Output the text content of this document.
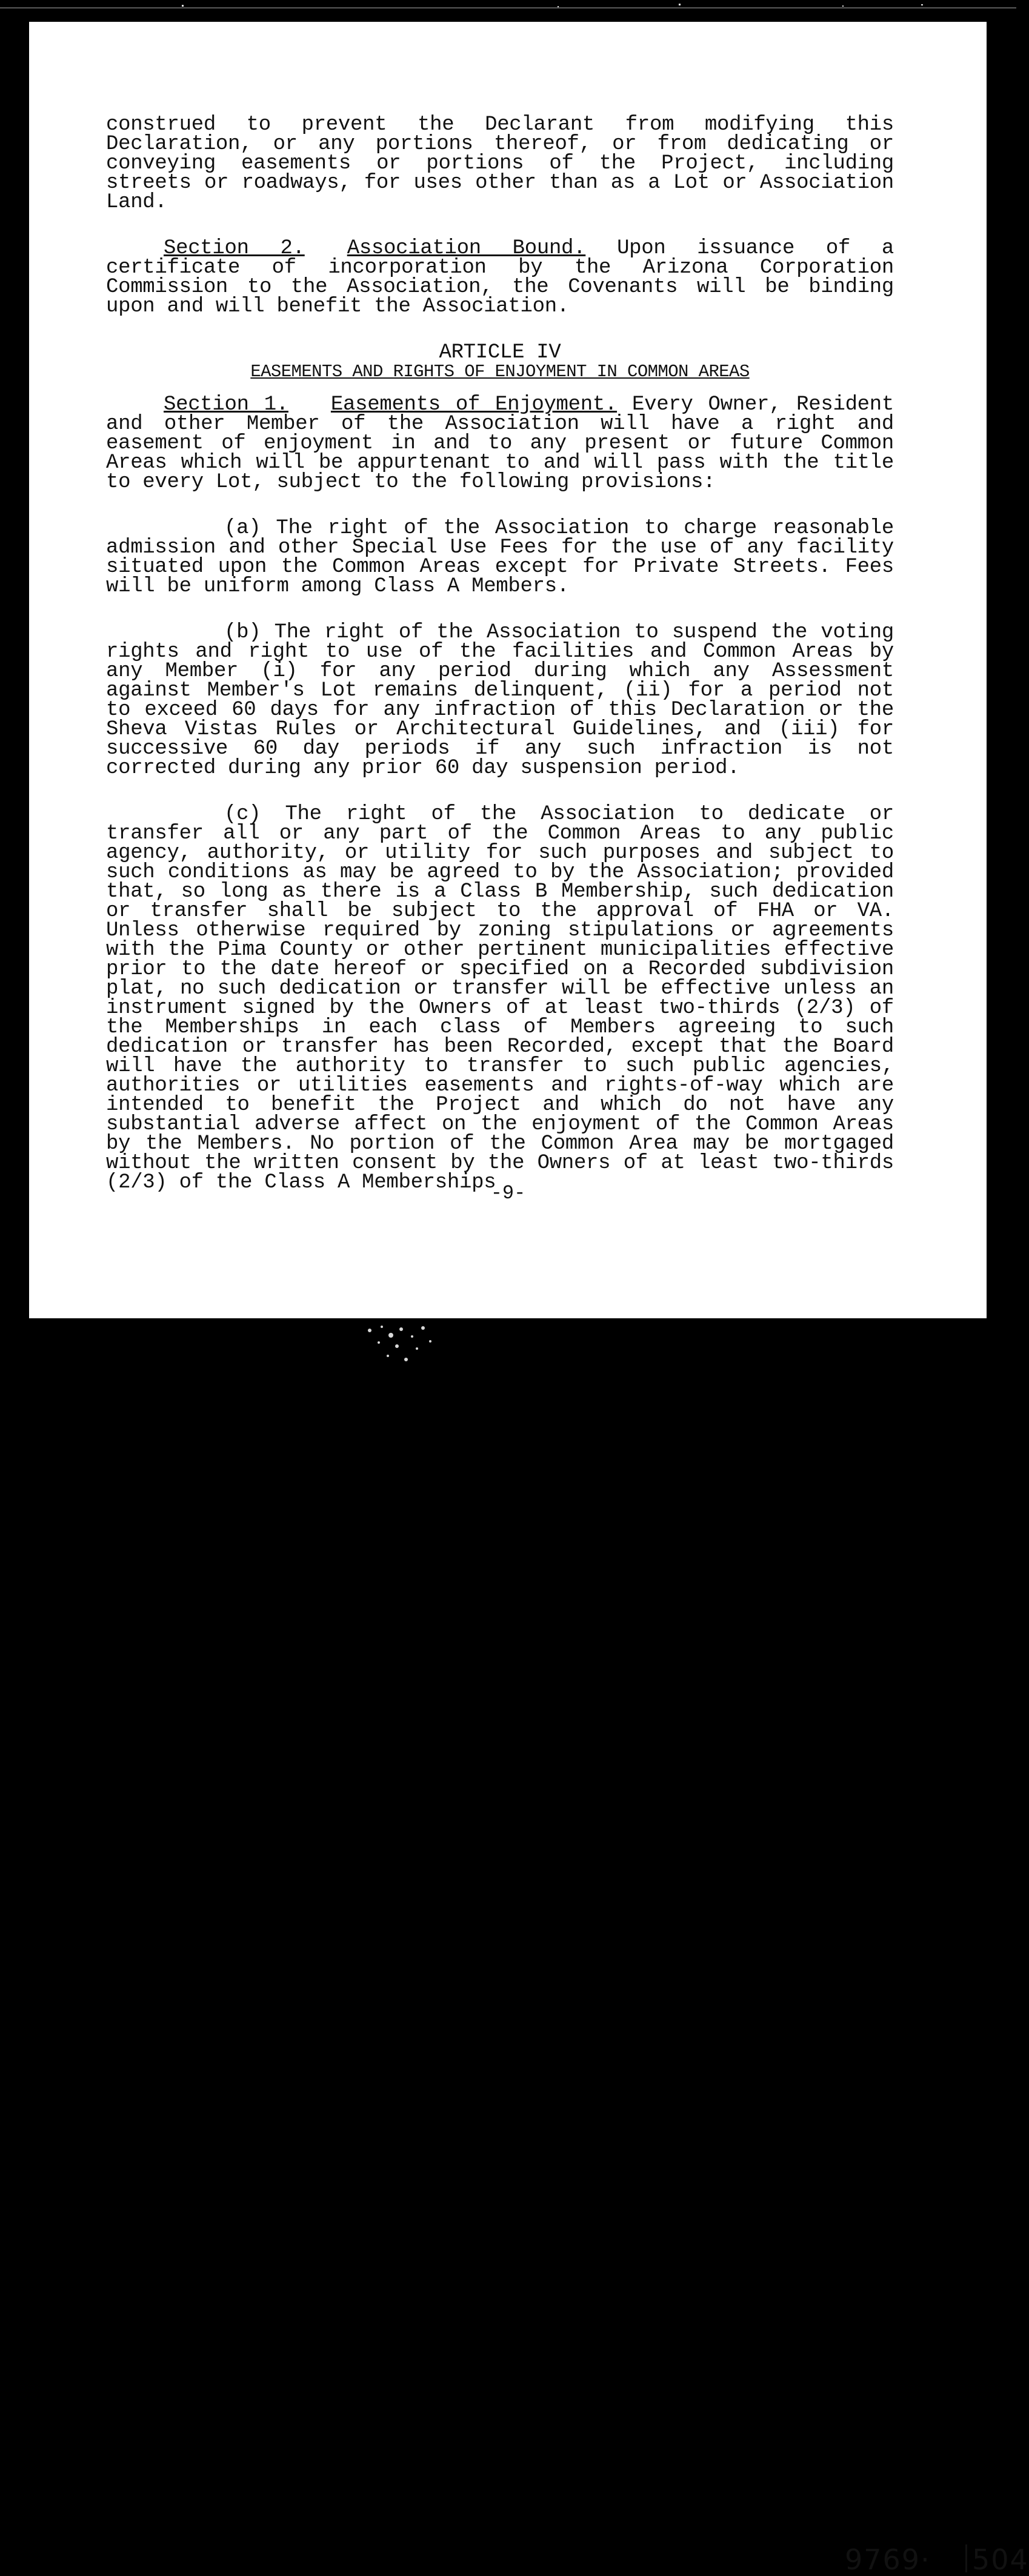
construed to prevent the Declarant from modifying this Declaration, or any portions thereof, or from dedicating or conveying easements or portions of the Project, including streets or roadways, for uses other than as a Lot or Association Land.

Section 2. Association Bound. Upon issuance of a certificate of incorporation by the Arizona Corporation Commission to the Association, the Covenants will be binding upon and will benefit the Association.

ARTICLE IV
EASEMENTS AND RIGHTS OF ENJOYMENT IN COMMON AREAS

Section 1. Easements of Enjoyment. Every Owner, Resident and other Member of the Association will have a right and easement of enjoyment in and to any present or future Common Areas which will be appurtenant to and will pass with the title to every Lot, subject to the following provisions:

(a) The right of the Association to charge reasonable admission and other Special Use Fees for the use of any facility situated upon the Common Areas except for Private Streets. Fees will be uniform among Class A Members.

(b) The right of the Association to suspend the voting rights and right to use of the facilities and Common Areas by any Member (i) for any period during which any Assessment against Member's Lot remains delinquent, (ii) for a period not to exceed 60 days for any infraction of this Declaration or the Sheva Vistas Rules or Architectural Guidelines, and (iii) for successive 60 day periods if any such infraction is not corrected during any prior 60 day suspension period.

(c) The right of the Association to dedicate or transfer all or any part of the Common Areas to any public agency, authority, or utility for such purposes and subject to such conditions as may be agreed to by the Association; provided that, so long as there is a Class B Membership, such dedication or transfer shall be subject to the approval of FHA or VA. Unless otherwise required by zoning stipulations or agreements with the Pima County or other pertinent municipalities effective prior to the date hereof or specified on a Recorded subdivision plat, no such dedication or transfer will be effective unless an instrument signed by the Owners of at least two-thirds (2/3) of the Memberships in each class of Members agreeing to such dedication or transfer has been Recorded, except that the Board will have the authority to transfer to such public agencies, authorities or utilities easements and rights-of-way which are intended to benefit the Project and which do not have any substantial adverse affect on the enjoyment of the Common Areas by the Members. No portion of the Common Area may be mortgaged without the written consent by the Owners of at least two-thirds (2/3) of the Class A Memberships

-9-
9769· 504
